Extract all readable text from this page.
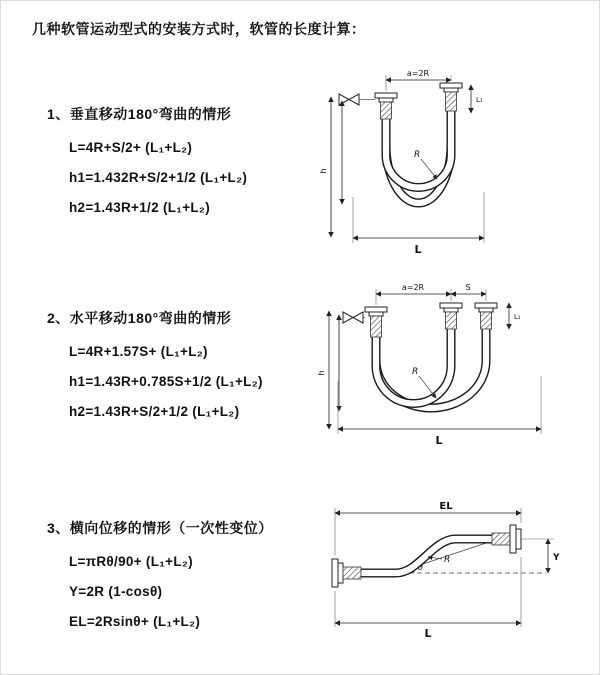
几种软管运动型式的安装方式时，软管的长度计算：
1、垂直移动180°弯曲的情形
L=4R+S/2+ (L₁+L₂)
h1=1.432R+S/2+1/2 (L₁+L₂)
h2=1.43R+1/2 (L₁+L₂)
a=2R
h
L₁
L
R
2、水平移动180°弯曲的情形
L=4R+1.57S+ (L₁+L₂)
h1=1.43R+0.785S+1/2 (L₁+L₂)
h2=1.43R+S/2+1/2 (L₁+L₂)
a=2R	S
h
L₁
L
R
3、横向位移的情形（一次性变位）
L=πRθ/90+ (L₁+L₂)
Y=2R (1-cosθ)
EL=2Rsinθ+ (L₁+L₂)
θ
R
EL
Y
L
